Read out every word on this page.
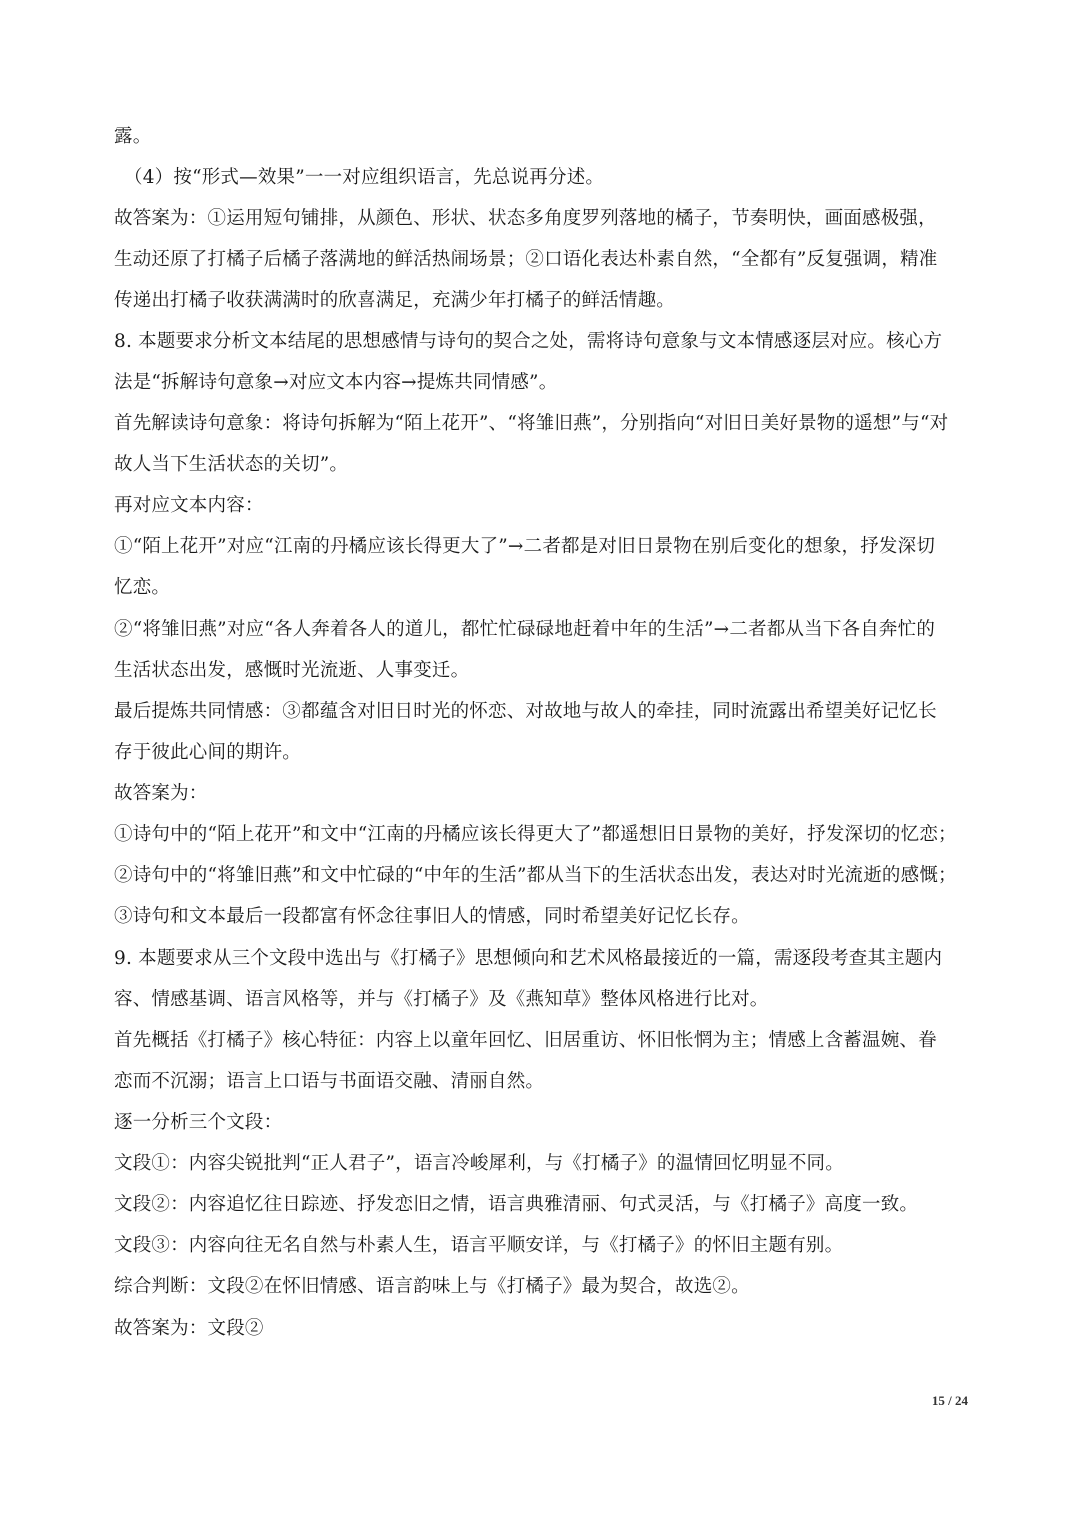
露。
（4）按“形式—效果”一一对应组织语言，先总说再分述。
故答案为：①运用短句铺排，从颜色、形状、状态多角度罗列落地的橘子，节奏明快，画面感极强，
生动还原了打橘子后橘子落满地的鲜活热闹场景；②口语化表达朴素自然，“全都有”反复强调，精准
传递出打橘子收获满满时的欣喜满足，充满少年打橘子的鲜活情趣。
8. 本题要求分析文本结尾的思想感情与诗句的契合之处，需将诗句意象与文本情感逐层对应。核心方
法是“拆解诗句意象→对应文本内容→提炼共同情感”。
首先解读诗句意象：将诗句拆解为“陌上花开”、“将雏旧燕”，分别指向“对旧日美好景物的遥想”与“对
故人当下生活状态的关切”。
再对应文本内容：
①“陌上花开”对应“江南的丹橘应该长得更大了”→二者都是对旧日景物在别后变化的想象，抒发深切
忆恋。
②“将雏旧燕”对应“各人奔着各人的道儿，都忙忙碌碌地赶着中年的生活”→二者都从当下各自奔忙的
生活状态出发，感慨时光流逝、人事变迁。
最后提炼共同情感：③都蕴含对旧日时光的怀恋、对故地与故人的牵挂，同时流露出希望美好记忆长
存于彼此心间的期许。
故答案为：
①诗句中的“陌上花开”和文中“江南的丹橘应该长得更大了”都遥想旧日景物的美好，抒发深切的忆恋；
②诗句中的“将雏旧燕”和文中忙碌的“中年的生活”都从当下的生活状态出发，表达对时光流逝的感慨；
③诗句和文本最后一段都富有怀念往事旧人的情感，同时希望美好记忆长存。
9. 本题要求从三个文段中选出与《打橘子》思想倾向和艺术风格最接近的一篇，需逐段考查其主题内
容、情感基调、语言风格等，并与《打橘子》及《燕知草》整体风格进行比对。
首先概括《打橘子》核心特征：内容上以童年回忆、旧居重访、怀旧怅惘为主；情感上含蓄温婉、眷
恋而不沉溺；语言上口语与书面语交融、清丽自然。
逐一分析三个文段：
文段①：内容尖锐批判“正人君子”，语言冷峻犀利，与《打橘子》的温情回忆明显不同。
文段②：内容追忆往日踪迹、抒发恋旧之情，语言典雅清丽、句式灵活，与《打橘子》高度一致。
文段③：内容向往无名自然与朴素人生，语言平顺安详，与《打橘子》的怀旧主题有别。
综合判断：文段②在怀旧情感、语言韵味上与《打橘子》最为契合，故选②。
故答案为：文段②
15 / 24
